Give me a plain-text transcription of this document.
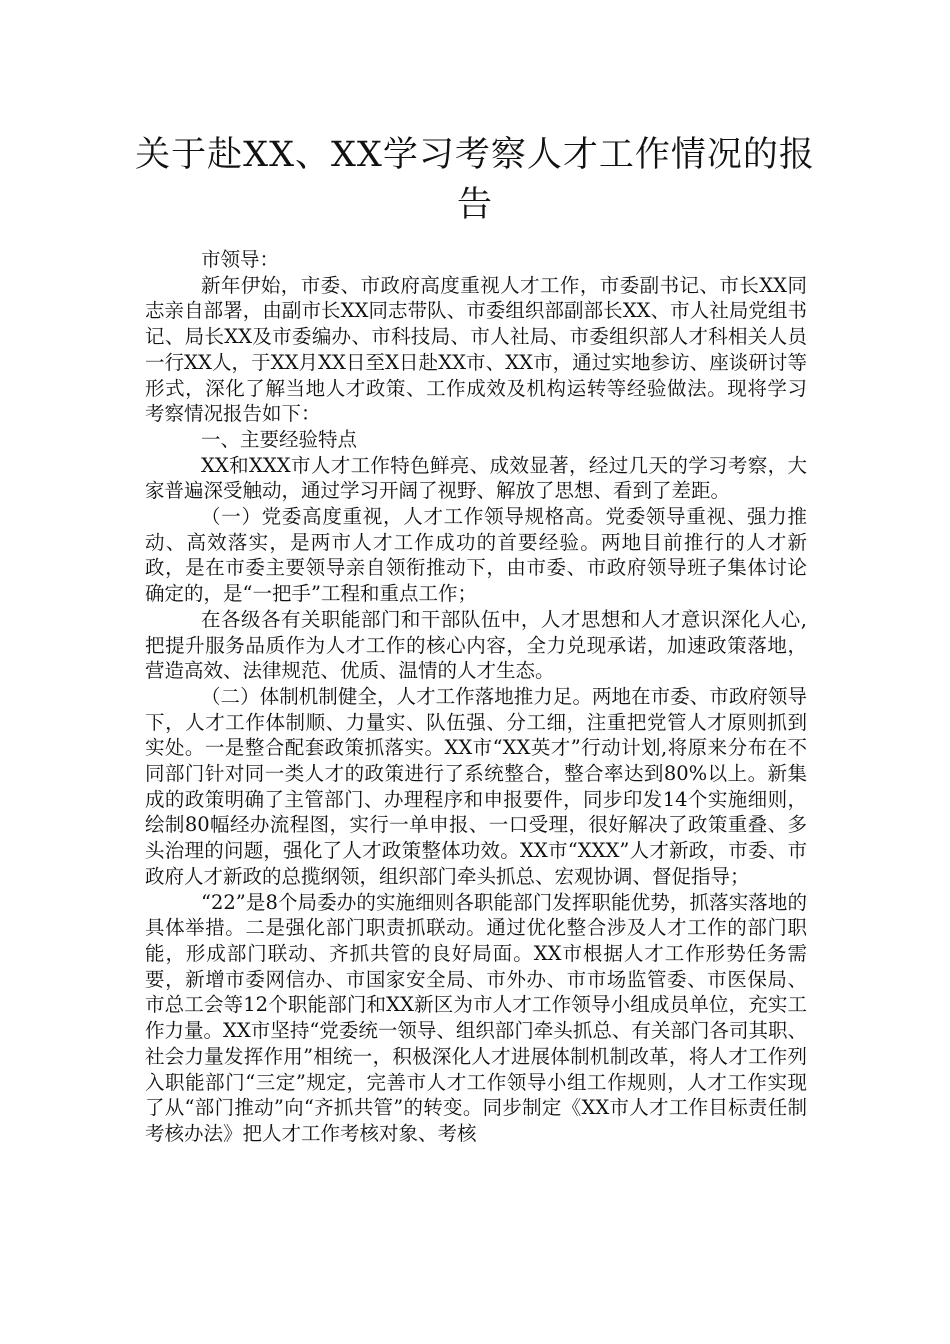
关于赴XX、XX学习考察人才工作情况的报告

市领导：

新年伊始，市委、市政府高度重视人才工作，市委副书记、市长XX同志亲自部署，由副市长XX同志带队、市委组织部副部长XX、市人社局党组书记、局长XX及市委编办、市科技局、市人社局、市委组织部人才科相关人员一行XX人，于XX月XX日至X日赴XX市、XX市，通过实地参访、座谈研讨等形式，深化了解当地人才政策、工作成效及机构运转等经验做法。现将学习考察情况报告如下：

一、主要经验特点

XX和XXX市人才工作特色鲜亮、成效显著，经过几天的学习考察，大家普遍深受触动，通过学习开阔了视野、解放了思想、看到了差距。

（一）党委高度重视，人才工作领导规格高。党委领导重视、强力推动、高效落实，是两市人才工作成功的首要经验。两地目前推行的人才新政，是在市委主要领导亲自领衔推动下，由市委、市政府领导班子集体讨论确定的，是“一把手”工程和重点工作；

在各级各有关职能部门和干部队伍中，人才思想和人才意识深化人心,把提升服务品质作为人才工作的核心内容，全力兑现承诺，加速政策落地，营造高效、法律规范、优质、温情的人才生态。

（二）体制机制健全，人才工作落地推力足。两地在市委、市政府领导下，人才工作体制顺、力量实、队伍强、分工细，注重把党管人才原则抓到实处。一是整合配套政策抓落实。XX市“XX英才”行动计划,将原来分布在不同部门针对同一类人才的政策进行了系统整合，整合率达到80%以上。新集成的政策明确了主管部门、办理程序和申报要件，同步印发14个实施细则，绘制80幅经办流程图，实行一单申报、一口受理，很好解决了政策重叠、多头治理的问题，强化了人才政策整体功效。XX市“XXX”人才新政，市委、市政府人才新政的总揽纲领，组织部门牵头抓总、宏观协调、督促指导；

“22”是8个局委办的实施细则各职能部门发挥职能优势，抓落实落地的具体举措。二是强化部门职责抓联动。通过优化整合涉及人才工作的部门职能，形成部门联动、齐抓共管的良好局面。XX市根据人才工作形势任务需要，新增市委网信办、市国家安全局、市外办、市市场监管委、市医保局、市总工会等12个职能部门和XX新区为市人才工作领导小组成员单位，充实工作力量。XX市坚持“党委统一领导、组织部门牵头抓总、有关部门各司其职、社会力量发挥作用”相统一，积极深化人才进展体制机制改革，将人才工作列入职能部门“三定”规定，完善市人才工作领导小组工作规则，人才工作实现了从“部门推动”向“齐抓共管”的转变。同步制定《XX市人才工作目标责任制考核办法》把人才工作考核对象、考核
